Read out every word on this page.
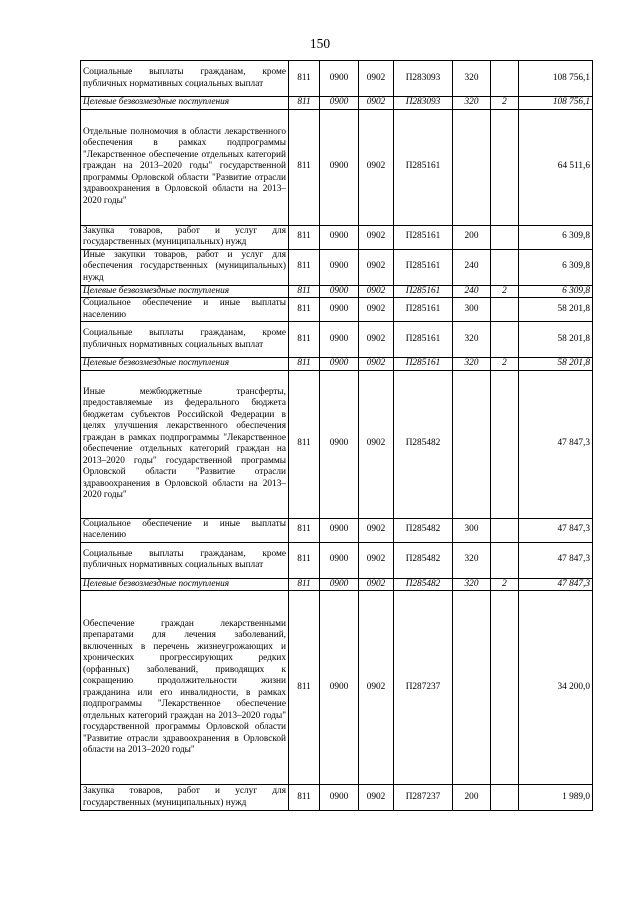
150
Социальные выплаты гражданам, кроме публичных нормативных социальных выплат	811	0900	0902	П283093	320		108 756,1
Целевые безвозмездные поступления	811	0900	0902	П283093	320	2	108 756,1
Отдельные полномочия в области лекарственного обеспечения в рамках подпрограммы "Лекарственное обеспечение отдельных категорий граждан на 2013–2020 годы" государственной программы Орловской области "Развитие отрасли здравоохранения в Орловской области на 2013–2020 годы"	811	0900	0902	П285161			64 511,6
Закупка товаров, работ и услуг для государственных (муниципальных) нужд	811	0900	0902	П285161	200		6 309,8
Иные закупки товаров, работ и услуг для обеспечения государственных (муниципальных) нужд	811	0900	0902	П285161	240		6 309,8
Целевые безвозмездные поступления	811	0900	0902	П285161	240	2	6 309,8
Социальное обеспечение и иные выплаты населению	811	0900	0902	П285161	300		58 201,8
Социальные выплаты гражданам, кроме публичных нормативных социальных выплат	811	0900	0902	П285161	320		58 201,8
Целевые безвозмездные поступления	811	0900	0902	П285161	320	2	58 201,8
Иные межбюджетные трансферты, предоставляемые из федерального бюджета бюджетам субъектов Российской Федерации в целях улучшения лекарственного обеспечения граждан в рамках подпрограммы "Лекарственное обеспечение отдельных категорий граждан на 2013–2020 годы" государственной программы Орловской области "Развитие отрасли здравоохранения в Орловской области на 2013–2020 годы"	811	0900	0902	П285482			47 847,3
Социальное обеспечение и иные выплаты населению	811	0900	0902	П285482	300		47 847,3
Социальные выплаты гражданам, кроме публичных нормативных социальных выплат	811	0900	0902	П285482	320		47 847,3
Целевые безвозмездные поступления	811	0900	0902	П285482	320	2	47 847,3
Обеспечение граждан лекарственными препаратами для лечения заболеваний, включенных в перечень жизнеугрожающих и хронических прогрессирующих редких (орфанных) заболеваний, приводящих к сокращению продолжительности жизни гражданина или его инвалидности, в рамках подпрограммы "Лекарственное обеспечение отдельных категорий граждан на 2013–2020 годы" государственной программы Орловской области "Развитие отрасли здравоохранения в Орловской области на 2013–2020 годы"	811	0900	0902	П287237			34 200,0
Закупка товаров, работ и услуг для государственных (муниципальных) нужд	811	0900	0902	П287237	200		1 989,0
